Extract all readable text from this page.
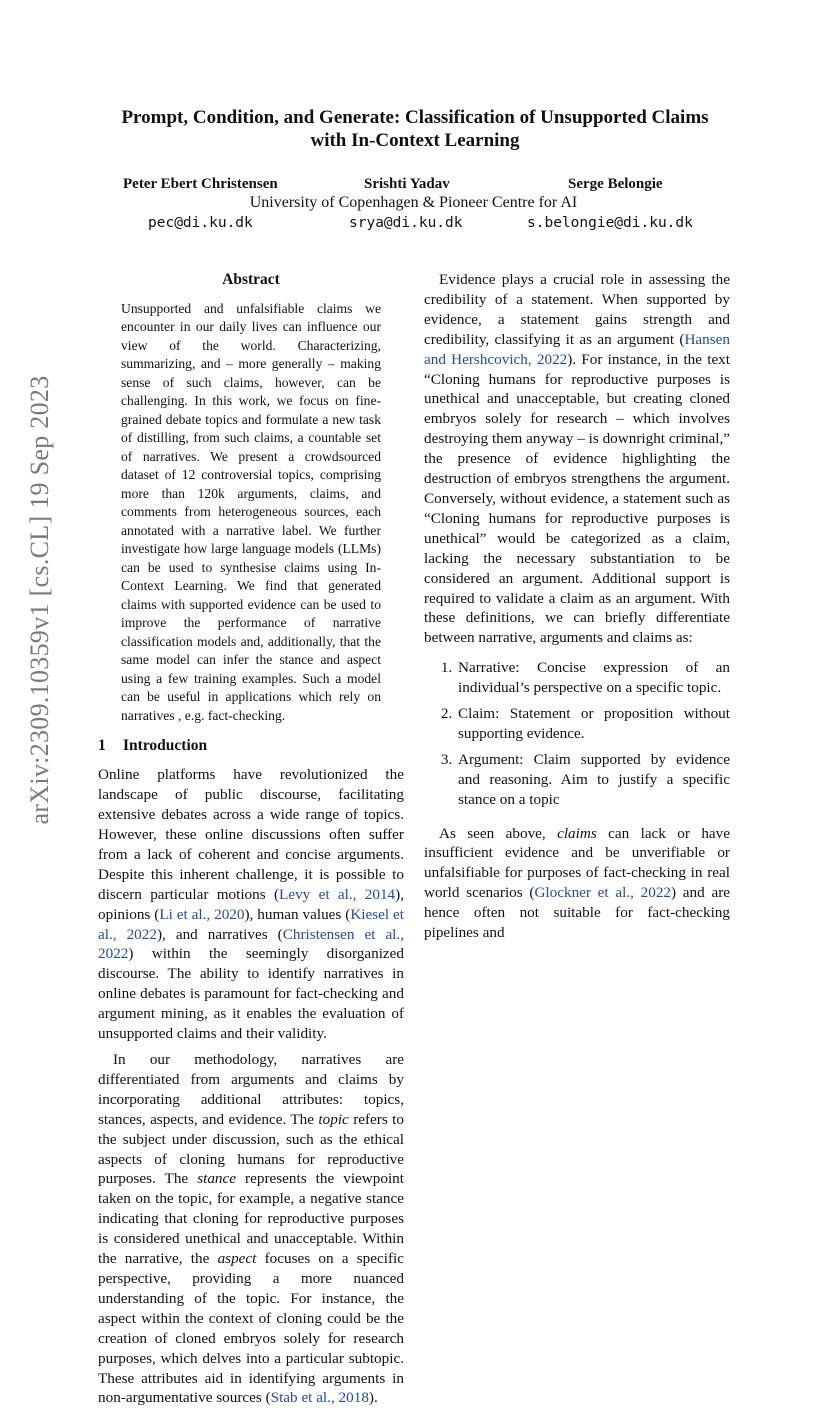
arXiv:2309.10359v1 [cs.CL] 19 Sep 2023
Prompt, Condition, and Generate: Classification of Unsupported Claims
with In-Context Learning
Peter Ebert Christensen	Srishti Yadav	Serge Belongie
University of Copenhagen & Pioneer Centre for AI
pec@di.ku.dk	srya@di.ku.dk	s.belongie@di.ku.dk

Abstract

Unsupported and unfalsifiable claims we encounter in our daily lives can influence our view of the world. Characterizing, summarizing, and – more generally – making sense of such claims, however, can be challenging. In this work, we focus on fine-grained debate topics and formulate a new task of distilling, from such claims, a countable set of narratives. We present a crowdsourced dataset of 12 controversial topics, comprising more than 120k arguments, claims, and comments from heterogeneous sources, each annotated with a narrative label. We further investigate how large language models (LLMs) can be used to synthesise claims using In-Context Learning. We find that generated claims with supported evidence can be used to improve the performance of narrative classification models and, additionally, that the same model can infer the stance and aspect using a few training examples. Such a model can be useful in applications which rely on narratives , e.g. fact-checking.

1 Introduction

Online platforms have revolutionized the landscape of public discourse, facilitating extensive debates across a wide range of topics. However, these online discussions often suffer from a lack of coherent and concise arguments. Despite this inherent challenge, it is possible to discern particular motions (Levy et al., 2014), opinions (Li et al., 2020), human values (Kiesel et al., 2022), and narratives (Christensen et al., 2022) within the seemingly disorganized discourse. The ability to identify narratives in online debates is paramount for fact-checking and argument mining, as it enables the evaluation of unsupported claims and their validity.

In our methodology, narratives are differentiated from arguments and claims by incorporating additional attributes: topics, stances, aspects, and evidence. The topic refers to the subject under discussion, such as the ethical aspects of cloning humans for reproductive purposes. The stance represents the viewpoint taken on the topic, for example, a negative stance indicating that cloning for reproductive purposes is considered unethical and unacceptable. Within the narrative, the aspect focuses on a specific perspective, providing a more nuanced understanding of the topic. For instance, the aspect within the context of cloning could be the creation of cloned embryos solely for research purposes, which delves into a particular subtopic. These attributes aid in identifying arguments in non-argumentative sources (Stab et al., 2018).

Evidence plays a crucial role in assessing the credibility of a statement. When supported by evidence, a statement gains strength and credibility, classifying it as an argument (Hansen and Hershcovich, 2022). For instance, in the text “Cloning humans for reproductive purposes is unethical and unacceptable, but creating cloned embryos solely for research – which involves destroying them anyway – is downright criminal,” the presence of evidence highlighting the destruction of embryos strengthens the argument. Conversely, without evidence, a statement such as “Cloning humans for reproductive purposes is unethical” would be categorized as a claim, lacking the necessary substantiation to be considered an argument. Additional support is required to validate a claim as an argument. With these definitions, we can briefly differentiate between narrative, arguments and claims as:

1. Narrative: Concise expression of an individual’s perspective on a specific topic.
2. Claim: Statement or proposition without supporting evidence.
3. Argument: Claim supported by evidence and reasoning. Aim to justify a specific stance on a topic

As seen above, claims can lack or have insufficient evidence and be unverifiable or unfalsifiable for purposes of fact-checking in real world scenarios (Glockner et al., 2022) and are hence often not suitable for fact-checking pipelines and
